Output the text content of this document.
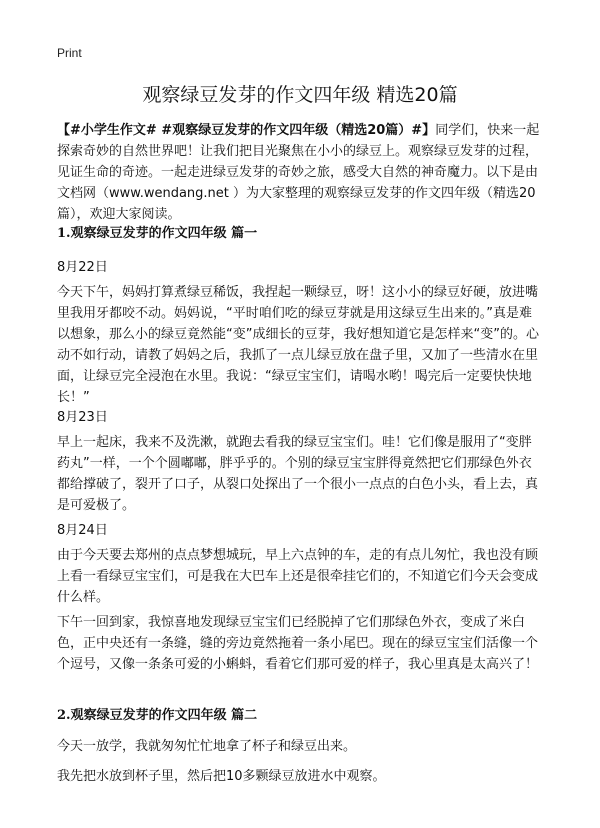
Print
观察绿豆发芽的作文四年级 精选20篇
【#小学生作文# #观察绿豆发芽的作文四年级（精选20篇）#】同学们，快来一起探索奇妙的自然世界吧！让我们把目光聚焦在小小的绿豆上。观察绿豆发芽的过程，见证生命的奇迹。一起走进绿豆发芽的奇妙之旅，感受大自然的神奇魔力。以下是由文档网（www.wendang.net ）为大家整理的观察绿豆发芽的作文四年级（精选20篇），欢迎大家阅读。
1.观察绿豆发芽的作文四年级 篇一
8月22日
今天下午，妈妈打算煮绿豆稀饭，我捏起一颗绿豆，呀！这小小的绿豆好硬，放进嘴里我用牙都咬不动。妈妈说，“平时咱们吃的绿豆芽就是用这绿豆生出来的。”真是难以想象，那么小的绿豆竟然能“变”成细长的豆芽，我好想知道它是怎样来“变”的。心动不如行动，请教了妈妈之后，我抓了一点儿绿豆放在盘子里，又加了一些清水在里面，让绿豆完全浸泡在水里。我说：“绿豆宝宝们，请喝水哟！喝完后一定要快快地长！”
8月23日
早上一起床，我来不及洗漱，就跑去看我的绿豆宝宝们。哇！它们像是服用了“变胖药丸”一样，一个个圆嘟嘟，胖乎乎的。个别的绿豆宝宝胖得竟然把它们那绿色外衣都给撑破了，裂开了口子，从裂口处探出了一个很小一点点的白色小头，看上去，真是可爱极了。
8月24日
由于今天要去郑州的点点梦想城玩，早上六点钟的车，走的有点儿匆忙，我也没有顾上看一看绿豆宝宝们，可是我在大巴车上还是很牵挂它们的，不知道它们今天会变成什么样。
下午一回到家，我惊喜地发现绿豆宝宝们已经脱掉了它们那绿色外衣，变成了米白色，正中央还有一条缝，缝的旁边竟然拖着一条小尾巴。现在的绿豆宝宝们活像一个个逗号，又像一条条可爱的小蝌蚪，看着它们那可爱的样子，我心里真是太高兴了！
2.观察绿豆发芽的作文四年级 篇二
今天一放学，我就匆匆忙忙地拿了杯子和绿豆出来。
我先把水放到杯子里，然后把10多颗绿豆放进水中观察。
